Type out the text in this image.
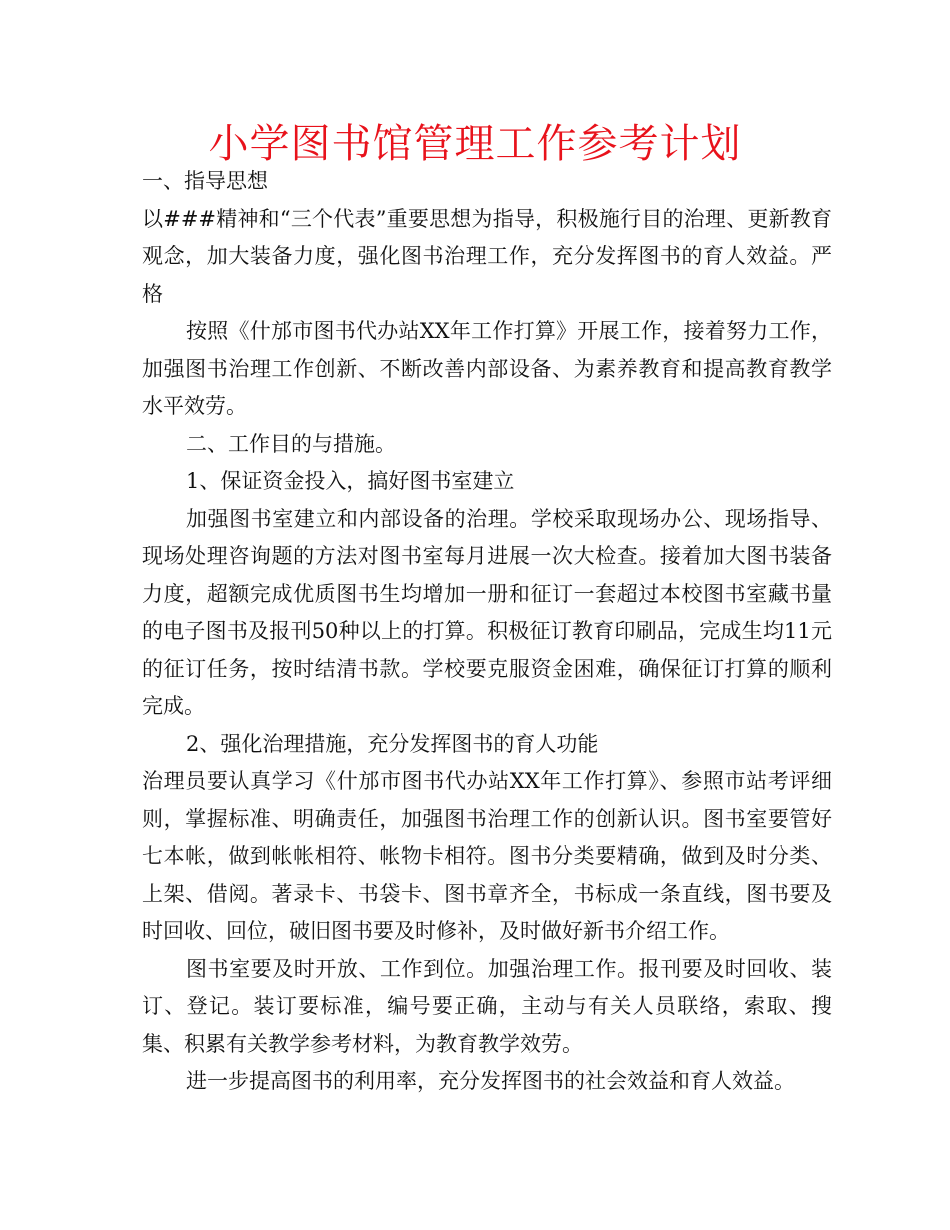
小学图书馆管理工作参考计划

一、指导思想

以###精神和“三个代表”重要思想为指导，积极施行目的治理、更新教育观念，加大装备力度，强化图书治理工作，充分发挥图书的育人效益。严格

按照《什邡市图书代办站XX年工作打算》开展工作，接着努力工作，加强图书治理工作创新、不断改善内部设备、为素养教育和提高教育教学水平效劳。

二、工作目的与措施。

1、保证资金投入，搞好图书室建立

加强图书室建立和内部设备的治理。学校采取现场办公、现场指导、现场处理咨询题的方法对图书室每月进展一次大检查。接着加大图书装备力度，超额完成优质图书生均增加一册和征订一套超过本校图书室藏书量的电子图书及报刊50种以上的打算。积极征订教育印刷品，完成生均11元的征订任务，按时结清书款。学校要克服资金困难，确保征订打算的顺利完成。

2、强化治理措施，充分发挥图书的育人功能

治理员要认真学习《什邡市图书代办站XX年工作打算》、参照市站考评细则，掌握标准、明确责任，加强图书治理工作的创新认识。图书室要管好七本帐，做到帐帐相符、帐物卡相符。图书分类要精确，做到及时分类、上架、借阅。著录卡、书袋卡、图书章齐全，书标成一条直线，图书要及时回收、回位，破旧图书要及时修补，及时做好新书介绍工作。

图书室要及时开放、工作到位。加强治理工作。报刊要及时回收、装订、登记。装订要标准，编号要正确，主动与有关人员联络，索取、搜集、积累有关教学参考材料，为教育教学效劳。

进一步提高图书的利用率，充分发挥图书的社会效益和育人效益。
